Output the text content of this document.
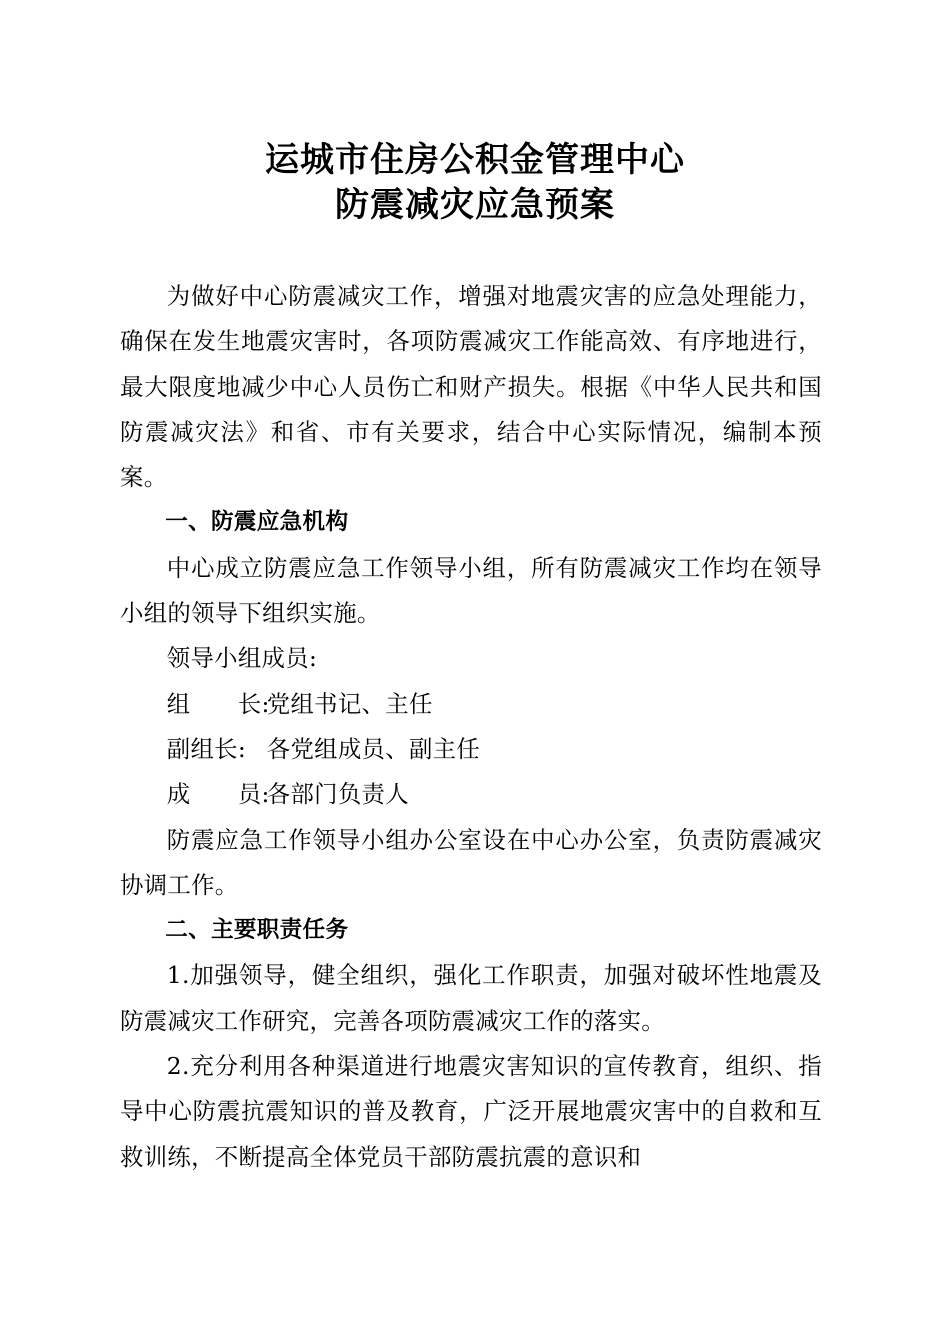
运城市住房公积金管理中心
防震减灾应急预案

为做好中心防震减灾工作，增强对地震灾害的应急处理能力，确保在发生地震灾害时，各项防震减灾工作能高效、有序地进行，最大限度地减少中心人员伤亡和财产损失。根据《中华人民共和国防震减灾法》和省、市有关要求，结合中心实际情况，编制本预案。

一、防震应急机构

中心成立防震应急工作领导小组，所有防震减灾工作均在领导小组的领导下组织实施。

领导小组成员:

组　　长:党组书记、主任

副组长: 各党组成员、副主任

成　　员:各部门负责人

防震应急工作领导小组办公室设在中心办公室，负责防震减灾协调工作。

二、主要职责任务

1.加强领导，健全组织，强化工作职责，加强对破坏性地震及防震减灾工作研究，完善各项防震减灾工作的落实。

2.充分利用各种渠道进行地震灾害知识的宣传教育，组织、指导中心防震抗震知识的普及教育，广泛开展地震灾害中的自救和互救训练，不断提高全体党员干部防震抗震的意识和
